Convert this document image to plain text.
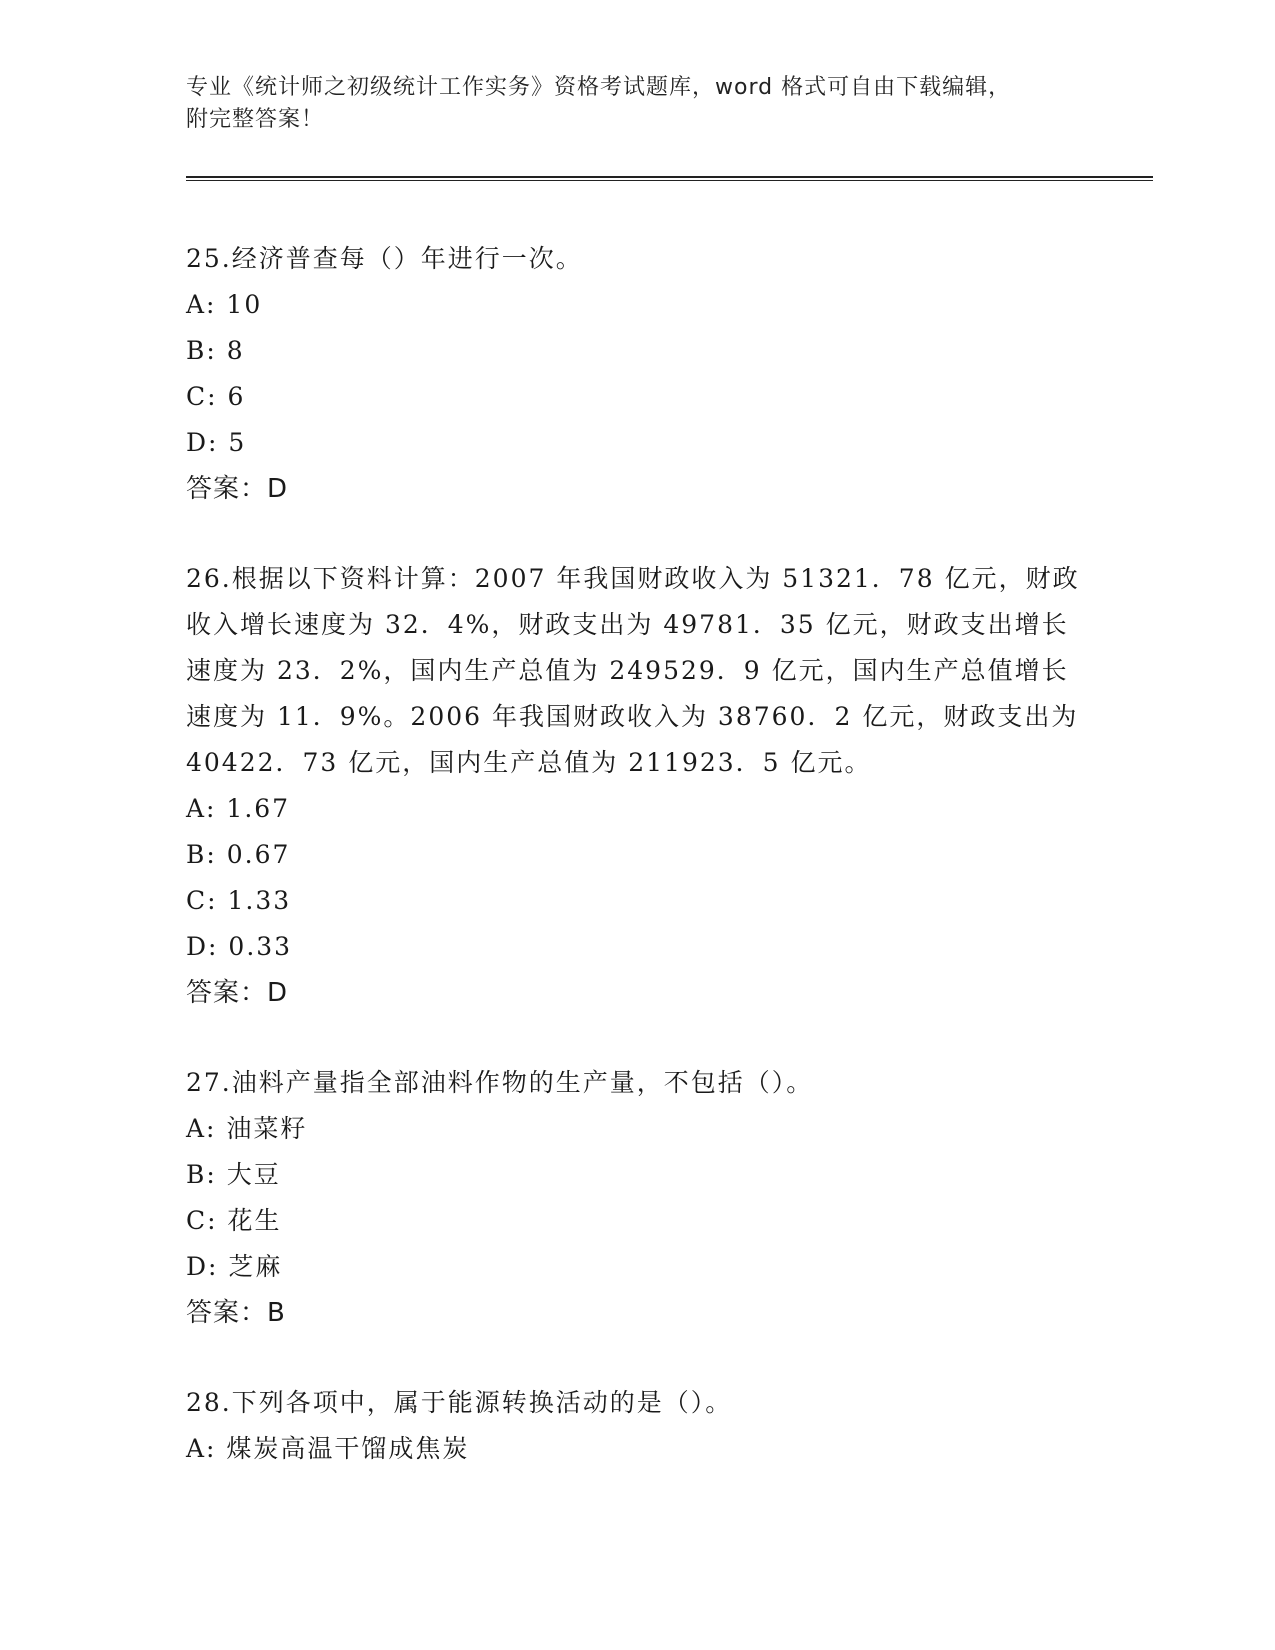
专业《统计师之初级统计工作实务》资格考试题库，word 格式可自由下载编辑，
附完整答案！

25.经济普查每（）年进行一次。

A: 10

B: 8

C: 6

D: 5

答案：D

26.根据以下资料计算：2007 年我国财政收入为 51321．78 亿元，财政

收入增长速度为 32．4%，财政支出为 49781．35 亿元，财政支出增长

速度为 23．2%，国内生产总值为 249529．9 亿元，国内生产总值增长

速度为 11．9%。2006 年我国财政收入为 38760．2 亿元，财政支出为

40422．73 亿元，国内生产总值为 211923．5 亿元。

A: 1.67

B: 0.67

C: 1.33

D: 0.33

答案：D

27.油料产量指全部油料作物的生产量，不包括（）。

A: 油菜籽

B: 大豆

C: 花生

D: 芝麻

答案：B

28.下列各项中，属于能源转换活动的是（）。

A: 煤炭高温干馏成焦炭
